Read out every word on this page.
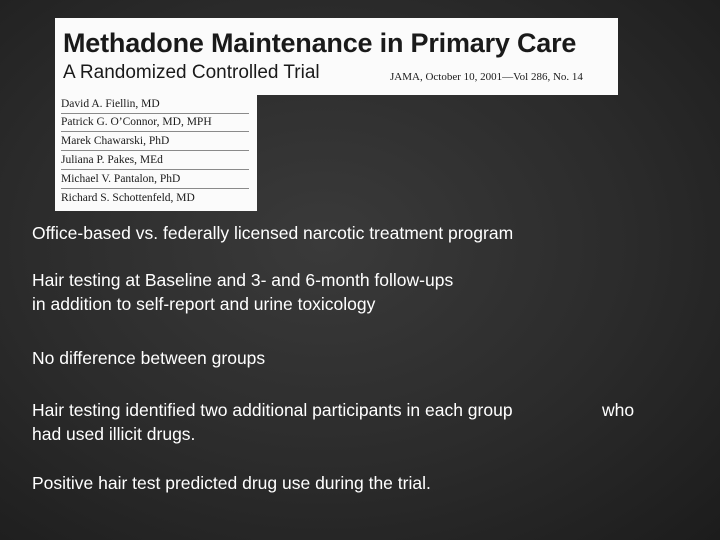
Methadone Maintenance in Primary Care
A Randomized Controlled Trial	JAMA, October 10, 2001—Vol 286, No. 14
David A. Fiellin, MD
Patrick G. O’Connor, MD, MPH
Marek Chawarski, PhD
Juliana P. Pakes, MEd
Michael V. Pantalon, PhD
Richard S. Schottenfeld, MD
Office-based vs. federally licensed narcotic treatment program
Hair testing at Baseline and 3- and 6-month follow-ups
in addition to self-report and urine toxicology
No difference between groups
Hair testing identified two additional participants in each group
had used illicit drugs.
who
Positive hair test predicted drug use during the trial.
